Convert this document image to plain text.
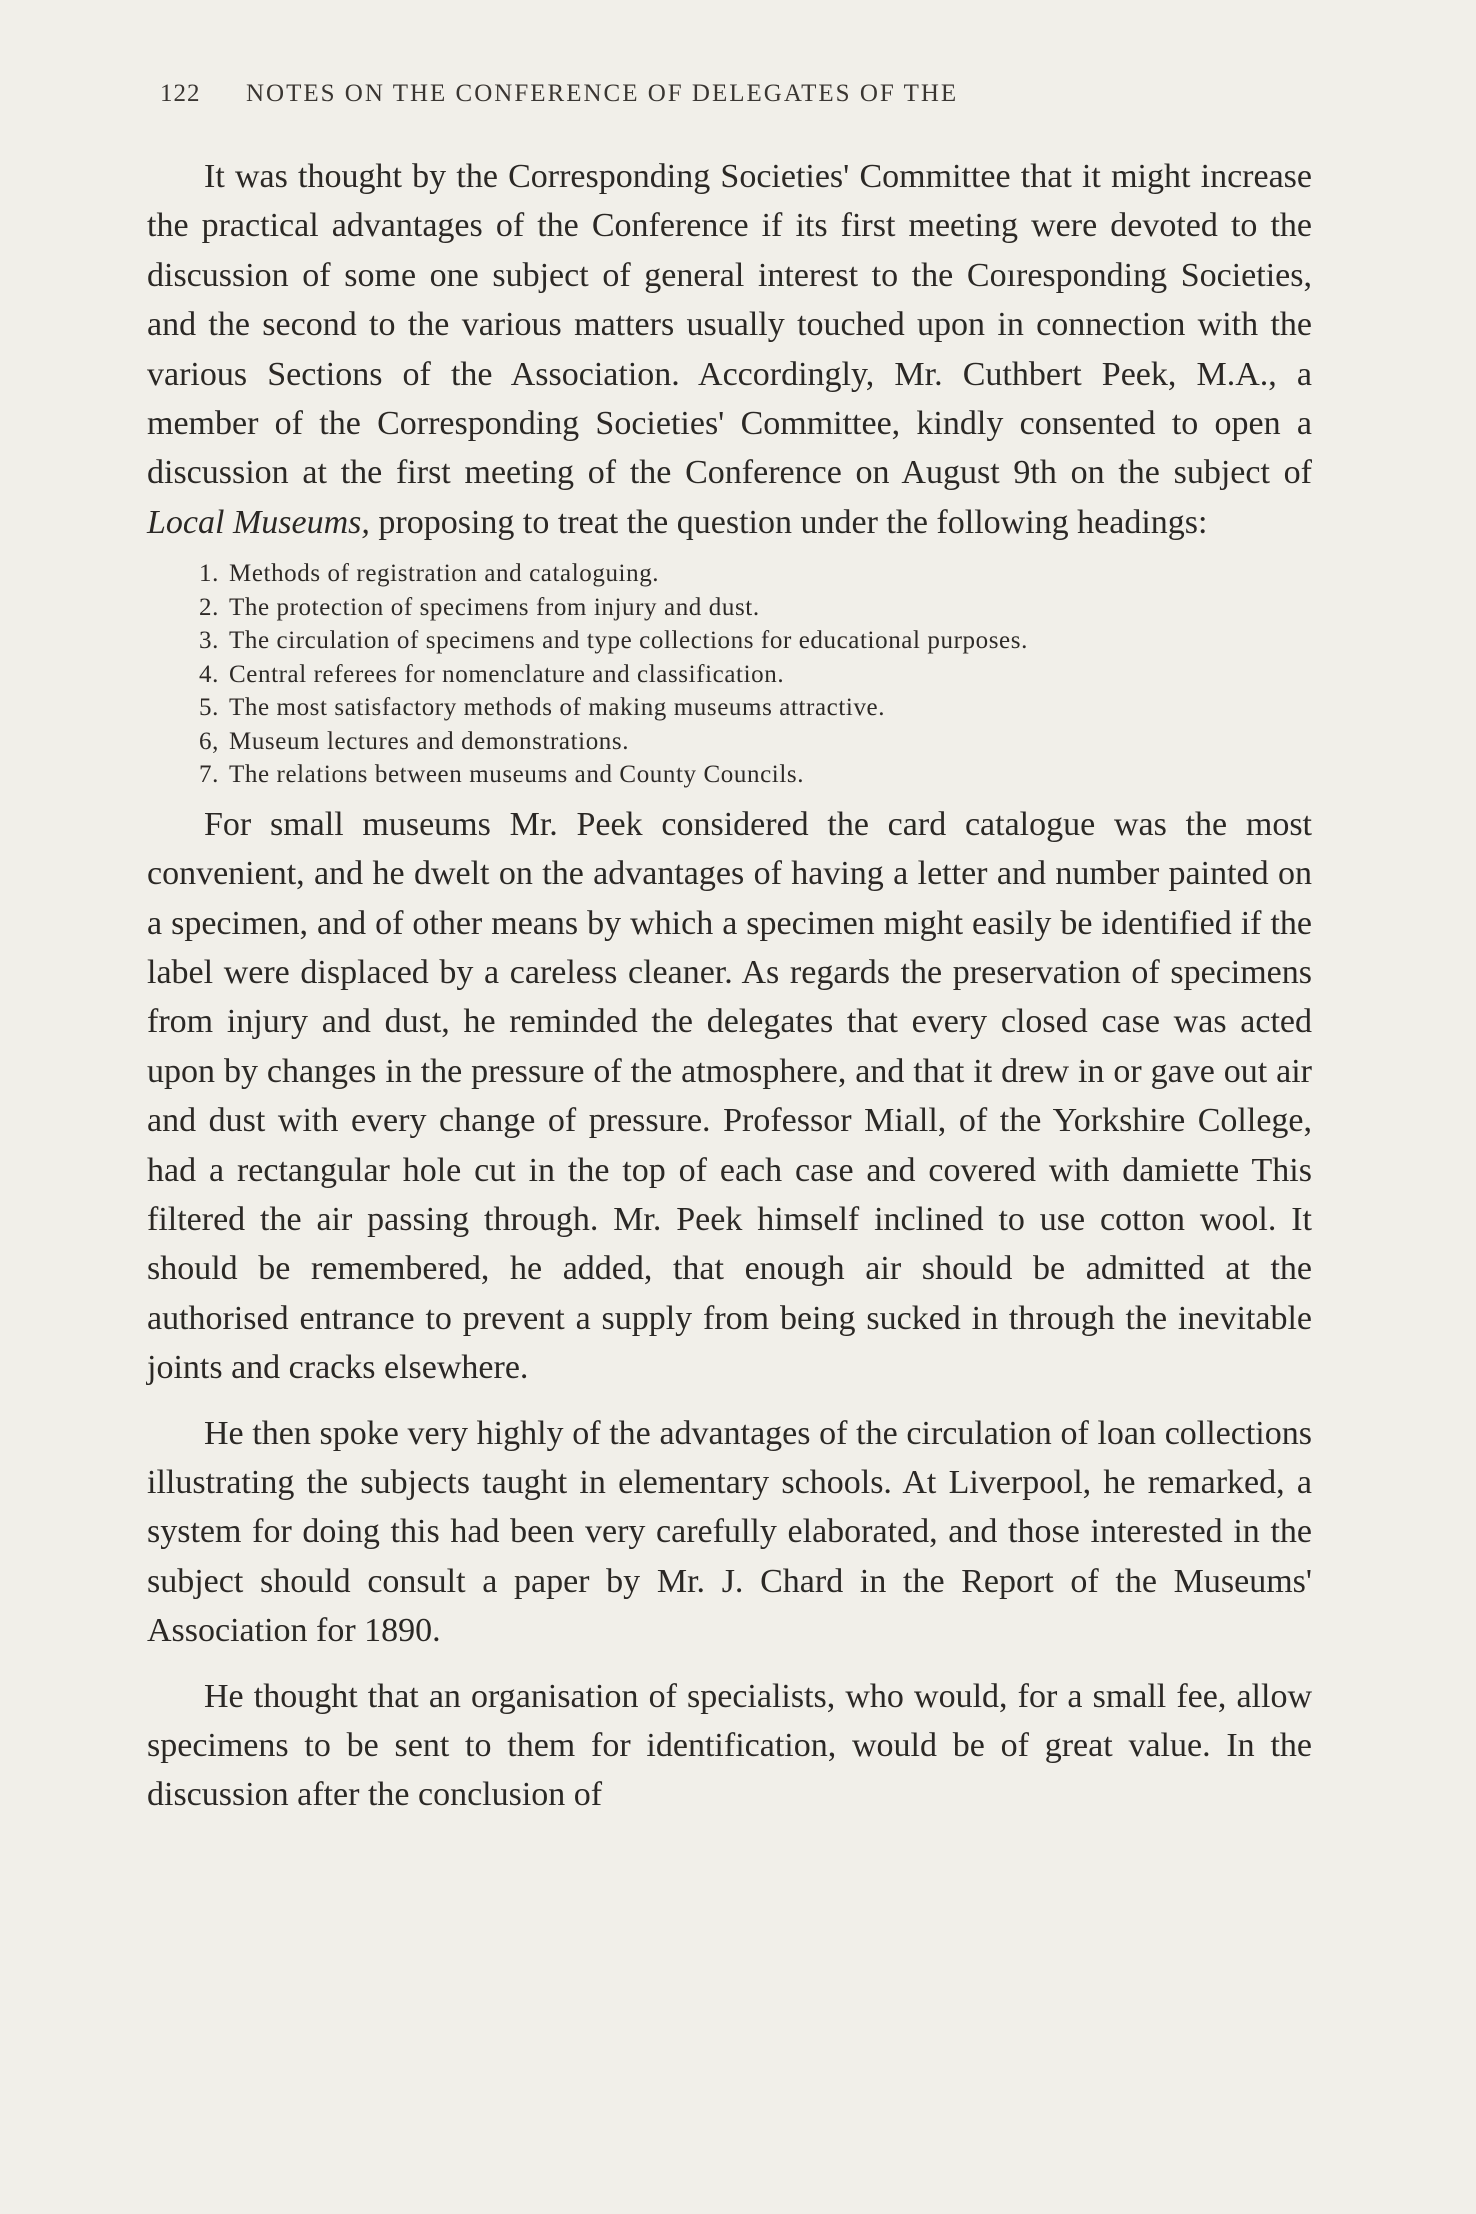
122 NOTES ON THE CONFERENCE OF DELEGATES OF THE

It was thought by the Corresponding Societies' Committee that it might increase the practical advantages of the Conference if its first meeting were devoted to the discussion of some one subject of general interest to the Coıresponding Societies, and the second to the various matters usually touched upon in connection with the various Sections of the Association. Accordingly, Mr. Cuthbert Peek, M.A., a member of the Corresponding Societies' Committee, kindly consented to open a discussion at the first meeting of the Conference on August 9th on the subject of Local Museums, proposing to treat the question under the following headings:

1. Methods of registration and cataloguing.
2. The protection of specimens from injury and dust.
3. The circulation of specimens and type collections for educational purposes.
4. Central referees for nomenclature and classification.
5. The most satisfactory methods of making museums attractive.
6, Museum lectures and demonstrations.
7. The relations between museums and County Councils.

For small museums Mr. Peek considered the card catalogue was the most convenient, and he dwelt on the advantages of having a letter and number painted on a specimen, and of other means by which a specimen might easily be identified if the label were displaced by a careless cleaner. As regards the preservation of specimens from injury and dust, he reminded the delegates that every closed case was acted upon by changes in the pressure of the atmosphere, and that it drew in or gave out air and dust with every change of pressure. Professor Miall, of the Yorkshire College, had a rectangular hole cut in the top of each case and covered with damiette This filtered the air passing through. Mr. Peek himself inclined to use cotton wool. It should be remembered, he added, that enough air should be admitted at the authorised entrance to prevent a supply from being sucked in through the inevitable joints and cracks elsewhere.

He then spoke very highly of the advantages of the circulation of loan collections illustrating the subjects taught in elementary schools. At Liverpool, he remarked, a system for doing this had been very carefully elaborated, and those interested in the subject should consult a paper by Mr. J. Chard in the Report of the Museums' Association for 1890.

He thought that an organisation of specialists, who would, for a small fee, allow specimens to be sent to them for identification, would be of great value. In the discussion after the conclusion of
